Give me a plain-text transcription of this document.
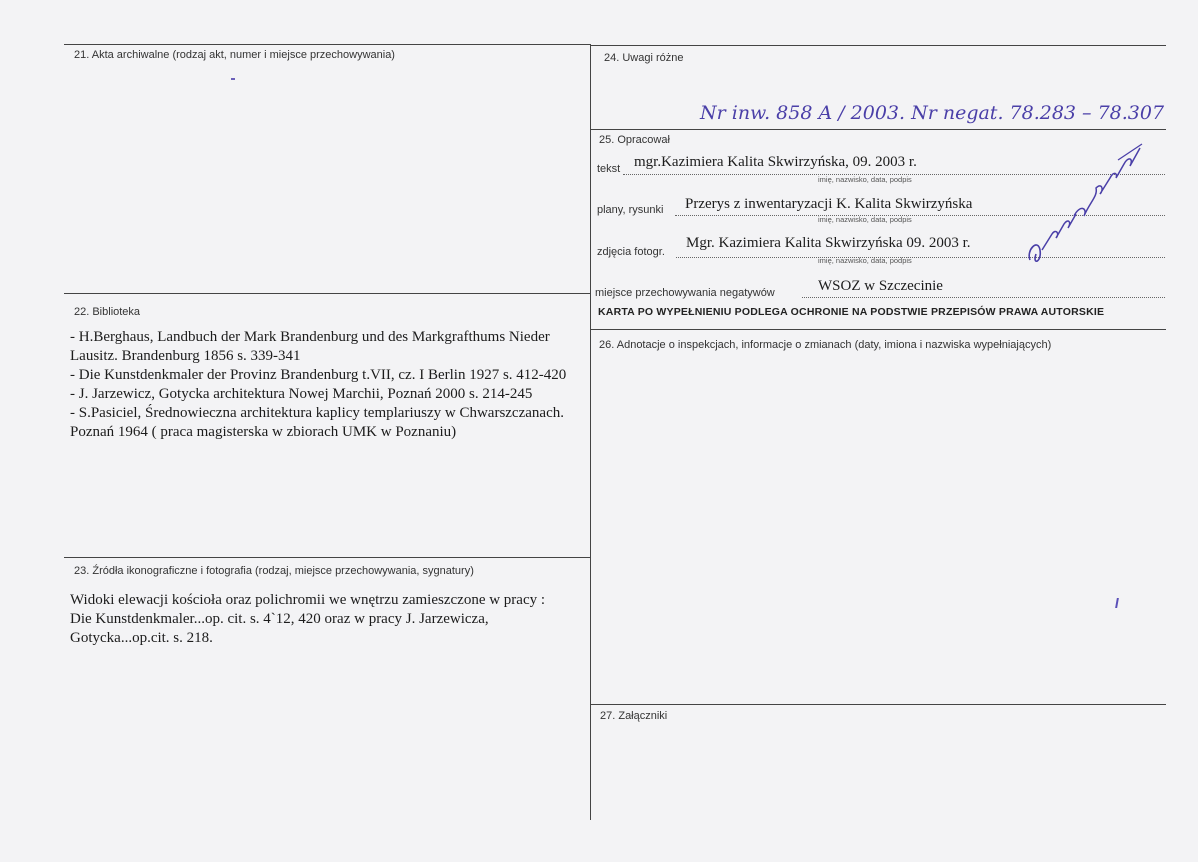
21. Akta archiwalne (rodzaj akt, numer i miejsce przechowywania)
22. Biblioteka

- H.Berghaus, Landbuch der Mark Brandenburg und des Markgrafthums Nieder Lausitz. Brandenburg 1856 s. 339-341

- Die Kunstdenkmaler der Provinz Brandenburg t.VII, cz. I Berlin 1927 s. 412-420

- J. Jarzewicz, Gotycka architektura Nowej Marchii, Poznań 2000 s. 214-245

- S.Pasiciel, Średnowieczna architektura kaplicy templariuszy w Chwarszczanach. Poznań 1964 ( praca magisterska w zbiorach UMK w Poznaniu)

23. Źródła ikonograficzne i fotografia (rodzaj, miejsce przechowywania, sygnatury)
Widoki elewacji kościoła oraz polichromii we wnętrzu zamieszczone w pracy : Die Kunstdenkmaler...op. cit. s. 4`12, 420 oraz w pracy J. Jarzewicza, Gotycka...op.cit. s. 218.
24. Uwagi różne
Nr inw. 858 A / 2003. Nr negat. 78.283 – 78.307
25. Opracował
tekst mgr.Kazimiera Kalita Skwirzyńska, 09. 2003 r.
imię, nazwisko, data, podpis
plany, rysunki Przerys z inwentaryzacji K. Kalita Skwirzyńska
imię, nazwisko, data, podpis
zdjęcia fotogr.
Mgr. Kazimiera Kalita Skwirzyńska 09. 2003 r.
imię, nazwisko, data, podpis
miejsce przechowywania negatywów	WSOZ w Szczecinie
KARTA PO WYPEŁNIENIU PODLEGA OCHRONIE NA PODSTWIE PRZEPISÓW PRAWA AUTORSKIE
26. Adnotacje o inspekcjach, informacje o zmianach (daty, imiona i nazwiska wypełniających)
27. Załączniki
